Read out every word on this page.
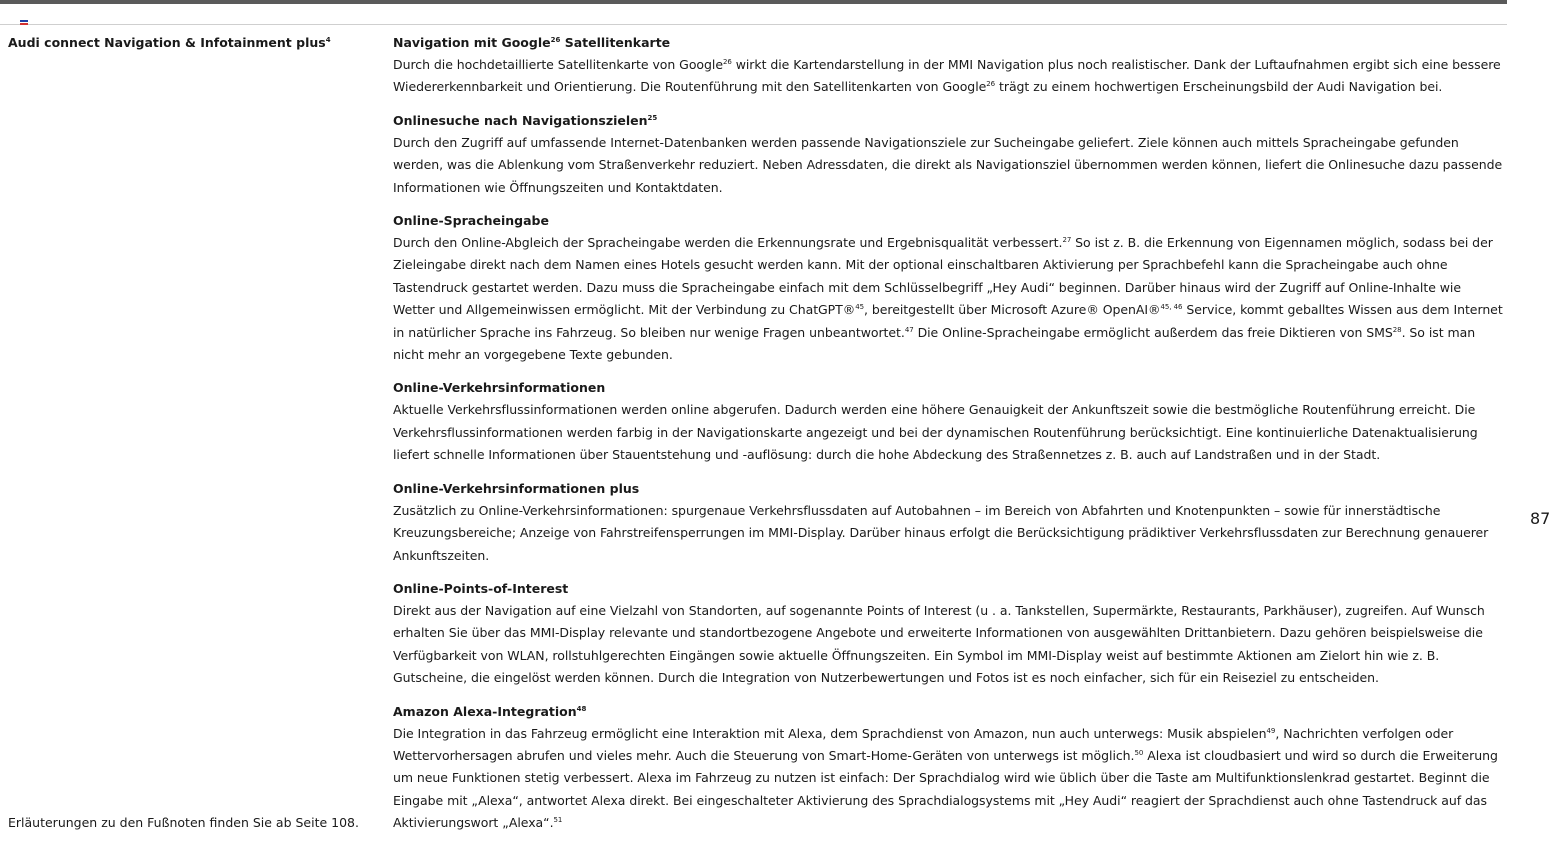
Audi connect Navigation & Infotainment plus$^4$	Navigation mit Google$^{26}$ Satellitenkarte

Durch die hochdetaillierte Satellitenkarte von Google$^{26}$ wirkt die Kartendarstellung in der MMI Navigation plus noch realistischer. Dank der Luftaufnahmen ergibt sich eine bessere Wiedererkennbarkeit und Orientierung. Die Routenführung mit den Satellitenkarten von Google$^{26}$ trägt zu einem hochwertigen Erscheinungsbild der Audi Navigation bei.

Onlinesuche nach Navigationszielen$^{25}$

Durch den Zugriff auf umfassende Internet-Datenbanken werden passende Navigationsziele zur Sucheingabe geliefert. Ziele können auch mittels Spracheingabe gefunden werden, was die Ablenkung vom Straßenverkehr reduziert. Neben Adressdaten, die direkt als Navigationsziel übernommen werden können, liefert die Onlinesuche dazu passende Informationen wie Öffnungszeiten und Kontaktdaten.

Online-Spracheingabe

Durch den Online-Abgleich der Spracheingabe werden die Erkennungsrate und Ergebnisqualität verbessert.$^{27}$ So ist z. B. die Erkennung von Eigennamen möglich, sodass bei der Zieleingabe direkt nach dem Namen eines Hotels gesucht werden kann. Mit der optional einschaltbaren Aktivierung per Sprachbefehl kann die Spracheingabe auch ohne Tastendruck gestartet werden. Dazu muss die Spracheingabe einfach mit dem Schlüsselbegriff „Hey Audi“ beginnen. Darüber hinaus wird der Zugriff auf Online-Inhalte wie Wetter und Allgemeinwissen ermöglicht. Mit der Verbindung zu ChatGPT®$^{45}$, bereitgestellt über Microsoft Azure® OpenAI®$^{45, 46}$ Service, kommt geballtes Wissen aus dem Internet in natürlicher Sprache ins Fahrzeug. So bleiben nur wenige Fragen unbeantwortet.$^{47}$ Die Online-Spracheingabe ermöglicht außerdem das freie Diktieren von SMS$^{28}$. So ist man nicht mehr an vorgegebene Texte gebunden.

Online-Verkehrsinformationen

Aktuelle Verkehrsflussinformationen werden online abgerufen. Dadurch werden eine höhere Genauigkeit der Ankunftszeit sowie die bestmögliche Routenführung erreicht. Die Verkehrsflussinformationen werden farbig in der Navigationskarte angezeigt und bei der dynamischen Routenführung berücksichtigt. Eine kontinuierliche Datenaktualisierung liefert schnelle Informationen über Stauentstehung und -auflösung: durch die hohe Abdeckung des Straßennetzes z. B. auch auf Landstraßen und in der Stadt.

Online-Verkehrsinformationen plus

Zusätzlich zu Online-Verkehrsinformationen: spurgenaue Verkehrsflussdaten auf Autobahnen – im Bereich von Abfahrten und Knotenpunkten – sowie für innerstädtische Kreuzungsbereiche; Anzeige von Fahrstreifensperrungen im MMI-Display. Darüber hinaus erfolgt die Berücksichtigung prädiktiver Verkehrsflussdaten zur Berechnung genauerer Ankunftszeiten.

Online-Points-of-Interest

Direkt aus der Navigation auf eine Vielzahl von Standorten, auf sogenannte Points of Interest (u . a. Tankstellen, Supermärkte, Restaurants, Parkhäuser), zugreifen. Auf Wunsch erhalten Sie über das MMI-Display relevante und standortbezogene Angebote und erweiterte Informationen von ausgewählten Drittanbietern. Dazu gehören beispielsweise die Verfügbarkeit von WLAN, rollstuhlgerechten Eingängen sowie aktuelle Öffnungszeiten. Ein Symbol im MMI-Display weist auf bestimmte Aktionen am Zielort hin wie z. B. Gutscheine, die eingelöst werden können. Durch die Integration von Nutzerbewertungen und Fotos ist es noch einfacher, sich für ein Reiseziel zu entscheiden.

Amazon Alexa-Integration$^{48}$

Die Integration in das Fahrzeug ermöglicht eine Interaktion mit Alexa, dem Sprachdienst von Amazon, nun auch unterwegs: Musik abspielen$^{49}$, Nachrichten verfolgen oder Wettervorhersagen abrufen und vieles mehr. Auch die Steuerung von Smart-Home-Geräten von unterwegs ist möglich.$^{50}$ Alexa ist cloudbasiert und wird so durch die Erweiterung um neue Funktionen stetig verbessert. Alexa im Fahrzeug zu nutzen ist einfach: Der Sprachdialog wird wie üblich über die Taste am Multifunktionslenkrad gestartet. Beginnt die Eingabe mit „Alexa“, antwortet Alexa direkt. Bei eingeschalteter Aktivierung des Sprachdialogsystems mit „Hey Audi“ reagiert der Sprachdienst auch ohne Tastendruck auf das Aktivierungswort „Alexa“.$^{51}$

87
Erläuterungen zu den Fußnoten finden Sie ab Seite 108.
